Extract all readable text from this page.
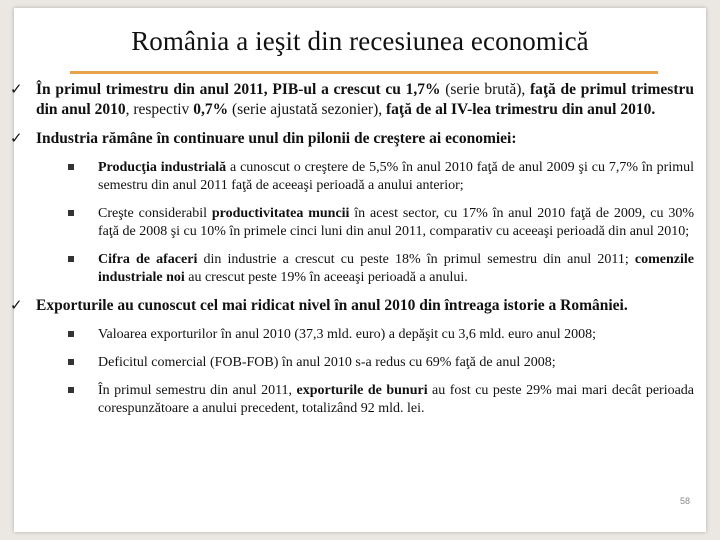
România a ieşit din recesiunea economică
✓ În primul trimestru din anul 2011, PIB-ul a crescut cu 1,7% (serie brută), faţă de primul trimestru din anul 2010, respectiv 0,7% (serie ajustată sezonier), faţă de al IV-lea trimestru din anul 2010.

✓ Industria rămâne în continuare unul din pilonii de creştere ai economiei:

Producţia industrială a cunoscut o creştere de 5,5% în anul 2010 faţă de anul 2009 şi cu 7,7% în primul semestru din anul 2011 faţă de aceeaşi perioadă a anului anterior;

Creşte considerabil productivitatea muncii în acest sector, cu 17% în anul 2010 faţă de 2009, cu 30% faţă de 2008 şi cu 10% în primele cinci luni din anul 2011, comparativ cu aceeaşi perioadă din anul 2010;

Cifra de afaceri din industrie a crescut cu peste 18% în primul semestru din anul 2011; comenzile industriale noi au crescut peste 19% în aceeaşi perioadă a anului.

✓ Exporturile au cunoscut cel mai ridicat nivel în anul 2010 din întreaga istorie a României.

Valoarea exporturilor în anul 2010 (37,3 mld. euro) a depăşit cu 3,6 mld. euro anul 2008;

Deficitul comercial (FOB-FOB) în anul 2010 s-a redus cu 69% faţă de anul 2008;

În primul semestru din anul 2011, exporturile de bunuri au fost cu peste 29% mai mari decât perioada corespunzătoare a anului precedent, totalizând 92 mld. lei.

58
